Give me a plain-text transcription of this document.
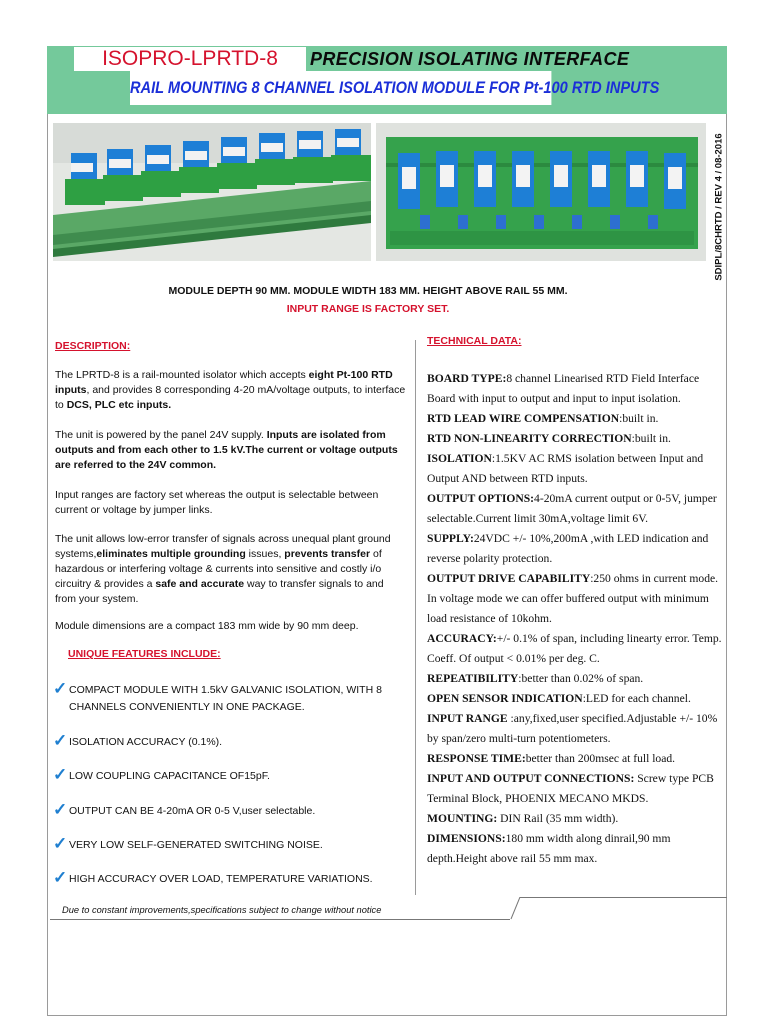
ISOPRO-LPRTD-8	PRECISION ISOLATING INTERFACE
RAIL MOUNTING 8 CHANNEL ISOLATION MODULE FOR Pt-100 RTD INPUTS
SDIPL/8CHRTD / REV 4 / 08-2016
MODULE DEPTH 90 MM. MODULE WIDTH 183 MM. HEIGHT ABOVE RAIL 55 MM.
INPUT RANGE IS FACTORY SET.
DESCRIPTION:
The LPRTD-8 is a rail-mounted isolator which accepts eight Pt-100 RTD inputs, and provides 8 corresponding 4-20 mA/voltage outputs, to interface to DCS, PLC etc inputs.
The unit is powered by the panel 24V supply. Inputs are isolated from outputs and from each other to 1.5 kV.The current or voltage outputs are referred to the 24V common.
Input ranges are factory set whereas the output is selectable between current or voltage by jumper links.
The unit allows low-error transfer of signals across unequal plant ground systems,eliminates multiple grounding issues, prevents transfer of hazardous or interfering voltage & currents into sensitive and costly i/o circuitry & provides a safe and accurate way to transfer signals to and from your system.
Module dimensions are a compact 183 mm wide by 90 mm deep.
UNIQUE FEATURES INCLUDE:
✓ COMPACT MODULE WITH 1.5kV GALVANIC ISOLATION, WITH 8 CHANNELS CONVENIENTLY IN ONE PACKAGE.
✓ ISOLATION ACCURACY (0.1%).
✓ LOW COUPLING CAPACITANCE OF15pF.
✓ OUTPUT CAN BE 4-20mA OR 0-5 V,user selectable.
✓ VERY LOW SELF-GENERATED SWITCHING NOISE.
✓ HIGH ACCURACY OVER LOAD, TEMPERATURE VARIATIONS.
TECHNICAL DATA:

BOARD TYPE:8 channel Linearised RTD Field Interface Board with input to output and input to input isolation.

RTD LEAD WIRE COMPENSATION:built in.

RTD NON-LINEARITY CORRECTION:built in.

ISOLATION:1.5KV AC RMS isolation between Input and Output AND between RTD inputs.

OUTPUT OPTIONS:4-20mA current output or 0-5V, jumper selectable.Current limit 30mA,voltage limit 6V.

SUPPLY:24VDC +/- 10%,200mA ,with LED indication and reverse polarity protection.

OUTPUT DRIVE CAPABILITY:250 ohms in current mode. In voltage mode we can offer buffered output with minimum load resistance of 10kohm.

ACCURACY:+/- 0.1% of span, including linearty error. Temp. Coeff. Of output < 0.01% per deg. C.

REPEATIBILITY:better than 0.02% of span.

OPEN SENSOR INDICATION:LED for each channel.

INPUT RANGE :any,fixed,user specified.Adjustable +/- 10% by span/zero multi-turn potentiometers.

RESPONSE TIME:better than 200msec at full load.

INPUT AND OUTPUT CONNECTIONS: Screw type PCB Terminal Block, PHOENIX MECANO MKDS.

MOUNTING: DIN Rail (35 mm width).

DIMENSIONS:180 mm width along dinrail,90 mm depth.Height above rail 55 mm max.

Due to constant improvements,specifications subject to change without notice
